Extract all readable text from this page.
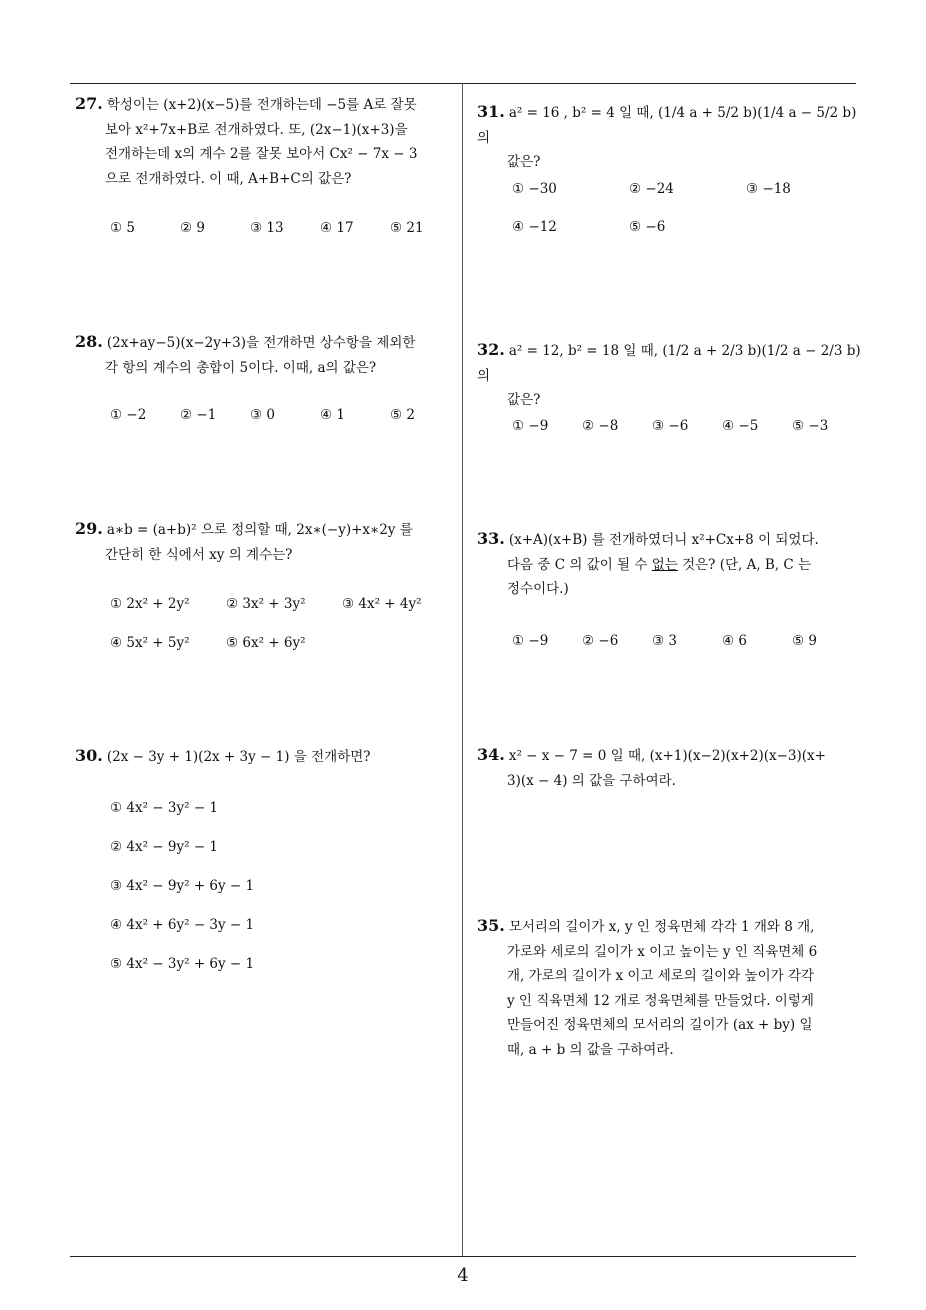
27. 학성이는 (x+2)(x−5)를 전개하는데 −5를 A로 잘못
보아 x²+7x+B로 전개하였다. 또, (2x−1)(x+3)을
전개하는데 x의 계수 2를 잘못 보아서 Cx² − 7x − 3
으로 전개하였다. 이 때, A+B+C의 값은?
① 5	② 9	③ 13	④ 17	⑤ 21
28. (2x+ay−5)(x−2y+3)을 전개하면 상수항을 제외한
각 항의 계수의 총합이 5이다. 이때, a의 값은?
① −2 ② −1 ③ 0	④ 1	⑤ 2
29. a∗b = (a+b)² 으로 정의할 때, 2x∗(−y)+x∗2y 를
간단히 한 식에서 xy 의 계수는?
① 2x² + 2y²	② 3x² + 3y²	③ 4x² + 4y²
④ 5x² + 5y²	⑤ 6x² + 6y²
30. (2x − 3y + 1)(2x + 3y − 1) 을 전개하면?
① 4x² − 3y² − 1
② 4x² − 9y² − 1
③ 4x² − 9y² + 6y − 1
④ 4x² + 6y² − 3y − 1
⑤ 4x² − 3y² + 6y − 1
31. a² = 16 , b² = 4 일 때, (1/4 a + 5/2 b)(1/4 a − 5/2 b) 의
값은?
① −30	② −24	③ −18
④ −12	⑤ −6
32. a² = 12, b² = 18 일 때, (1/2 a + 2/3 b)(1/2 a − 2/3 b) 의
값은?
① −9 ② −8 ③ −6 ④ −5 ⑤ −3
33. (x+A)(x+B) 를 전개하였더니 x²+Cx+8 이 되었다.
다음 중 C 의 값이 될 수 없는 것은? (단, A, B, C 는
정수이다.)
① −9 ② −6 ③ 3	④ 6	⑤ 9
34. x² − x − 7 = 0 일 때, (x+1)(x−2)(x+2)(x−3)(x+
3)(x − 4) 의 값을 구하여라.
35. 모서리의 길이가 x, y 인 정육면체 각각 1 개와 8 개,
가로와 세로의 길이가 x 이고 높이는 y 인 직육면체 6
개, 가로의 길이가 x 이고 세로의 길이와 높이가 각각
y 인 직육면체 12 개로 정육면체를 만들었다. 이렇게
만들어진 정육면체의 모서리의 길이가 (ax + by) 일
때, a + b 의 값을 구하여라.
4
